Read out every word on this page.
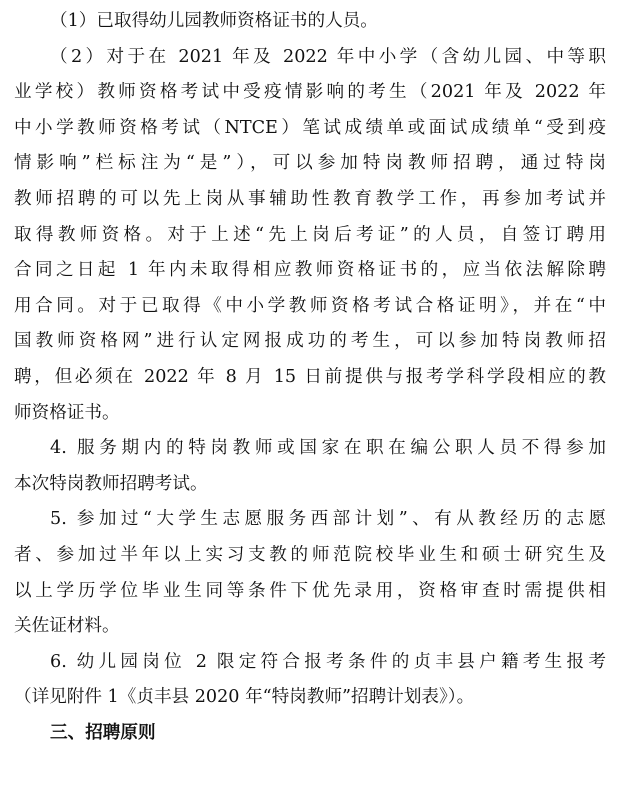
（1）已取得幼儿园教师资格证书的人员。
（2）对于在 2021 年及 2022 年中小学（含幼儿园、中等职
业学校）教师资格考试中受疫情影响的考生（2021 年及 2022 年
中小学教师资格考试（NTCE）笔试成绩单或面试成绩单“受到疫
情影响”栏标注为“是”），可以参加特岗教师招聘，通过特岗
教师招聘的可以先上岗从事辅助性教育教学工作，再参加考试并
取得教师资格。对于上述“先上岗后考证”的人员，自签订聘用
合同之日起 1 年内未取得相应教师资格证书的，应当依法解除聘
用合同。对于已取得《中小学教师资格考试合格证明》，并在“中
国教师资格网”进行认定网报成功的考生，可以参加特岗教师招
聘，但必须在 2022 年 8 月 15 日前提供与报考学科学段相应的教
师资格证书。
4. 服务期内的特岗教师或国家在职在编公职人员不得参加
本次特岗教师招聘考试。
5. 参加过“大学生志愿服务西部计划”、有从教经历的志愿
者、参加过半年以上实习支教的师范院校毕业生和硕士研究生及
以上学历学位毕业生同等条件下优先录用，资格审查时需提供相
关佐证材料。
6. 幼儿园岗位 2 限定符合报考条件的贞丰县户籍考生报考
（详见附件 1《贞丰县 2020 年“特岗教师”招聘计划表》）。
三、招聘原则
